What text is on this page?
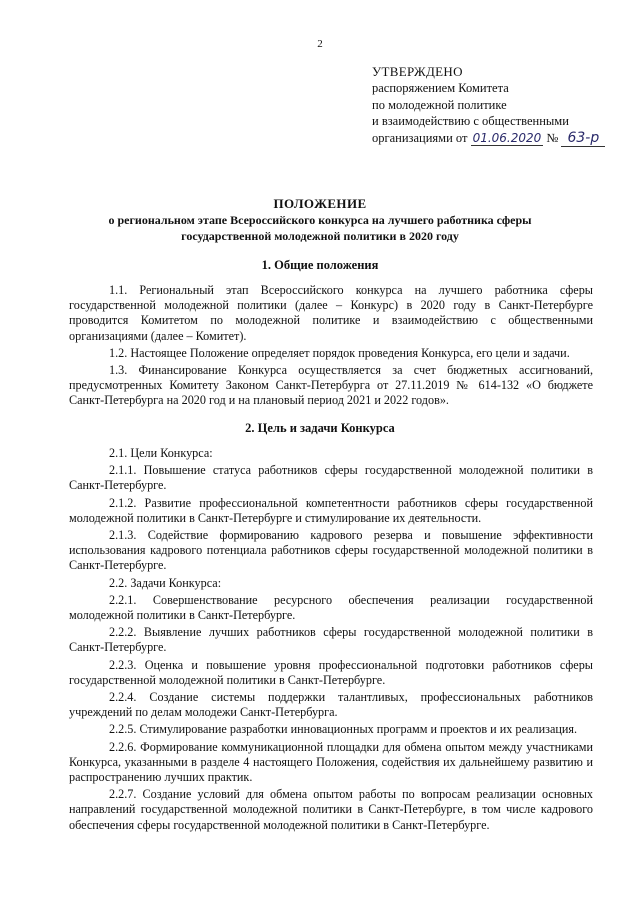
2
УТВЕРЖДЕНО
распоряжением Комитета
по молодежной политике
и взаимодействию с общественными
организациями от 01.06.2020 № 63-р
ПОЛОЖЕНИЕ
о региональном этапе Всероссийского конкурса на лучшего работника сферы государственной молодежной политики в 2020 году
1. Общие положения

1.1. Региональный этап Всероссийского конкурса на лучшего работника сферы государственной молодежной политики (далее – Конкурс) в 2020 году в Санкт-Петербурге проводится Комитетом по молодежной политике и взаимодействию с общественными организациями (далее – Комитет).

1.2. Настоящее Положение определяет порядок проведения Конкурса, его цели и задачи.

1.3. Финансирование Конкурса осуществляется за счет бюджетных ассигнований, предусмотренных Комитету Законом Санкт-Петербурга от 27.11.2019 № 614-132 «О бюджете Санкт-Петербурга на 2020 год и на плановый период 2021 и 2022 годов».

2. Цель и задачи Конкурса

2.1. Цели Конкурса:

2.1.1. Повышение статуса работников сферы государственной молодежной политики в Санкт-Петербурге.

2.1.2. Развитие профессиональной компетентности работников сферы государственной молодежной политики в Санкт-Петербурге и стимулирование их деятельности.

2.1.3. Содействие формированию кадрового резерва и повышение эффективности использования кадрового потенциала работников сферы государственной молодежной политики в Санкт-Петербурге.

2.2. Задачи Конкурса:

2.2.1. Совершенствование ресурсного обеспечения реализации государственной молодежной политики в Санкт-Петербурге.

2.2.2. Выявление лучших работников сферы государственной молодежной политики в Санкт-Петербурге.

2.2.3. Оценка и повышение уровня профессиональной подготовки работников сферы государственной молодежной политики в Санкт-Петербурге.

2.2.4. Создание системы поддержки талантливых, профессиональных работников учреждений по делам молодежи Санкт-Петербурга.

2.2.5. Стимулирование разработки инновационных программ и проектов и их реализация.

2.2.6. Формирование коммуникационной площадки для обмена опытом между участниками Конкурса, указанными в разделе 4 настоящего Положения, содействия их дальнейшему развитию и распространению лучших практик.

2.2.7. Создание условий для обмена опытом работы по вопросам реализации основных направлений государственной молодежной политики в Санкт-Петербурге, в том числе кадрового обеспечения сферы государственной молодежной политики в Санкт-Петербурге.
